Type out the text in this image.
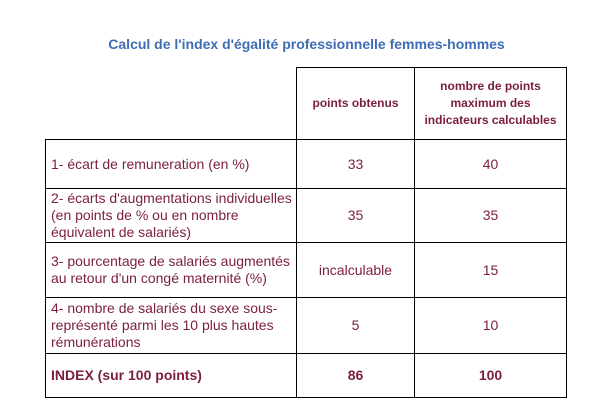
Calcul de l'index d'égalité professionnelle femmes-hommes
	points obtenus	nombre de points maximum des indicateurs calculables
1- écart de remuneration (en %)	33	40
2- écarts d'augmentations individuelles (en points de % ou en nombre équivalent de salariés)	35	35
3- pourcentage de salariés augmentés au retour d'un congé maternité (%)	incalculable	15
4- nombre de salariés du sexe sous-représenté parmi les 10 plus hautes rémunérations	5	10
INDEX (sur 100 points)	86	100
